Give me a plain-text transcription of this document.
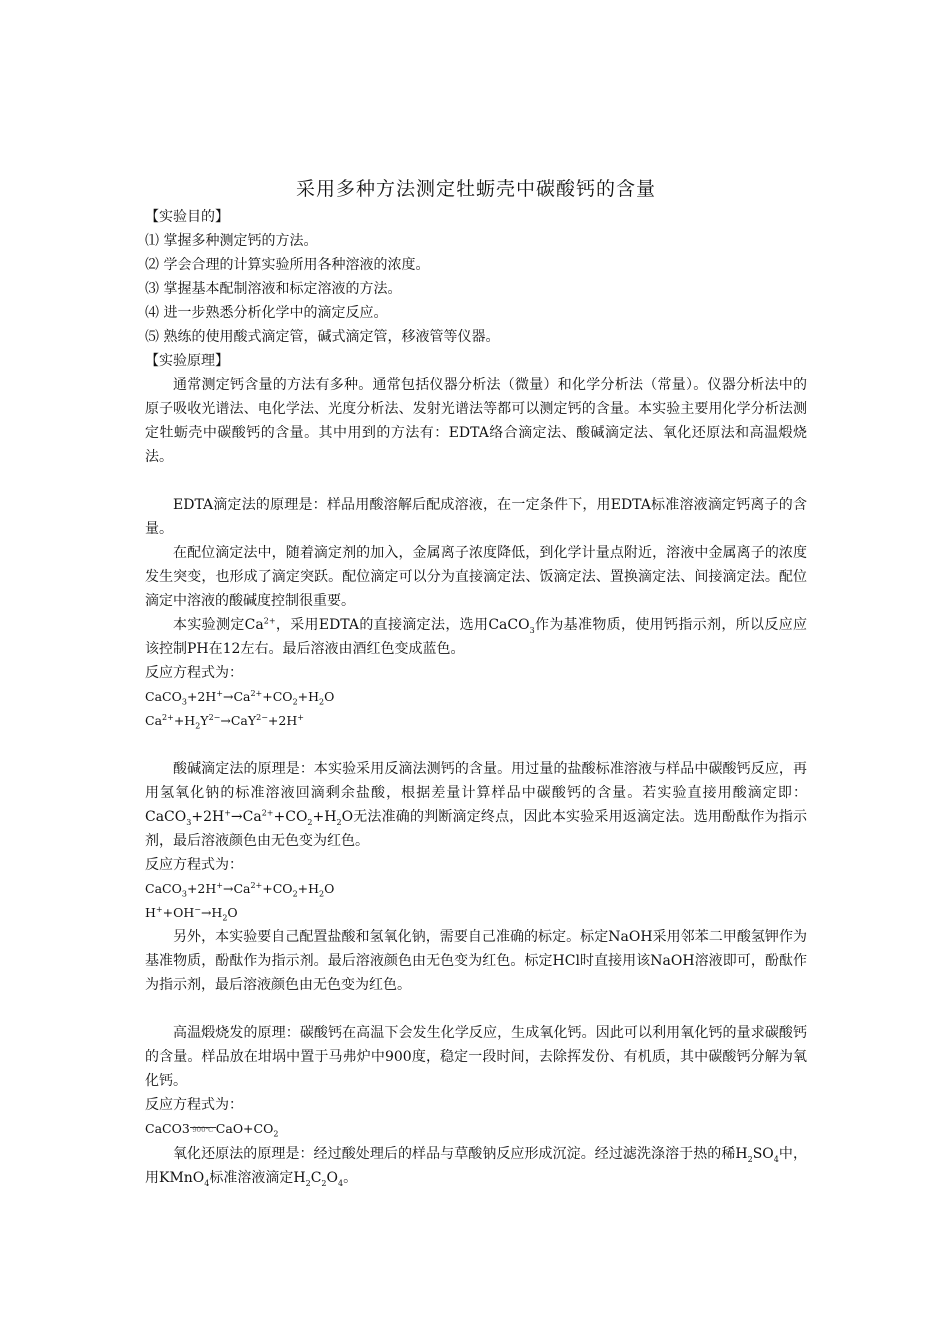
采用多种方法测定牡蛎壳中碳酸钙的含量
【实验目的】
⑴ 掌握多种测定钙的方法。
⑵ 学会合理的计算实验所用各种溶液的浓度。
⑶ 掌握基本配制溶液和标定溶液的方法。
⑷ 进一步熟悉分析化学中的滴定反应。
⑸ 熟练的使用酸式滴定管，碱式滴定管，移液管等仪器。
【实验原理】
通常测定钙含量的方法有多种。通常包括仪器分析法（微量）和化学分析法（常量）。仪器分析法中的原子吸收光谱法、电化学法、光度分析法、发射光谱法等都可以测定钙的含量。本实验主要用化学分析法测定牡蛎壳中碳酸钙的含量。其中用到的方法有：EDTA络合滴定法、酸碱滴定法、氧化还原法和高温煅烧法。
EDTA滴定法的原理是：样品用酸溶解后配成溶液，在一定条件下，用EDTA标准溶液滴定钙离子的含量。
在配位滴定法中，随着滴定剂的加入，金属离子浓度降低，到化学计量点附近，溶液中金属离子的浓度发生突变，也形成了滴定突跃。配位滴定可以分为直接滴定法、饭滴定法、置换滴定法、间接滴定法。配位滴定中溶液的酸碱度控制很重要。
本实验测定$Ca^{2+}$，采用EDTA的直接滴定法，选用CaCO$_3$作为基准物质，使用钙指示剂，所以反应应该控制PH在12左右。最后溶液由酒红色变成蓝色。
反应方程式为：
$CaCO_3+2H^+\to Ca^{2+}+CO_2+H_2O$
$Ca^{2+}+H_2Y^{2-}\to CaY^{2-}+2H^+$
酸碱滴定法的原理是：本实验采用反滴法测钙的含量。用过量的盐酸标准溶液与样品中碳酸钙反应，再用氢氧化钠的标准溶液回滴剩余盐酸，根据差量计算样品中碳酸钙的含量。若实验直接用酸滴定即：$CaCO_3+2H^+\to Ca^{2+}+CO_2+H_2O$无法准确的判断滴定终点，因此本实验采用返滴定法。选用酚酞作为指示剂，最后溶液颜色由无色变为红色。
反应方程式为：
$CaCO_3+2H^+\to Ca^{2+}+CO_2+H_2O$
$H^++OH^-\to H_2O$
另外，本实验要自己配置盐酸和氢氧化钠，需要自己准确的标定。标定NaOH采用邻苯二甲酸氢钾作为基准物质，酚酞作为指示剂。最后溶液颜色由无色变为红色。标定HCl时直接用该NaOH溶液即可，酚酞作为指示剂，最后溶液颜色由无色变为红色。
高温煅烧发的原理：碳酸钙在高温下会发生化学反应，生成氧化钙。因此可以利用氧化钙的量求碳酸钙的含量。样品放在坩埚中置于马弗炉中900度，稳定一段时间，去除挥发份、有机质，其中碳酸钙分解为氧化钙。
反应方程式为：
CaCO3 900℃ $CaO+CO_2$
氧化还原法的原理是：经过酸处理后的样品与草酸钠反应形成沉淀。经过滤洗涤溶于热的稀$H_2SO_4$中，用KMnO$_4$标准溶液滴定$H_2C_2O_4$。
